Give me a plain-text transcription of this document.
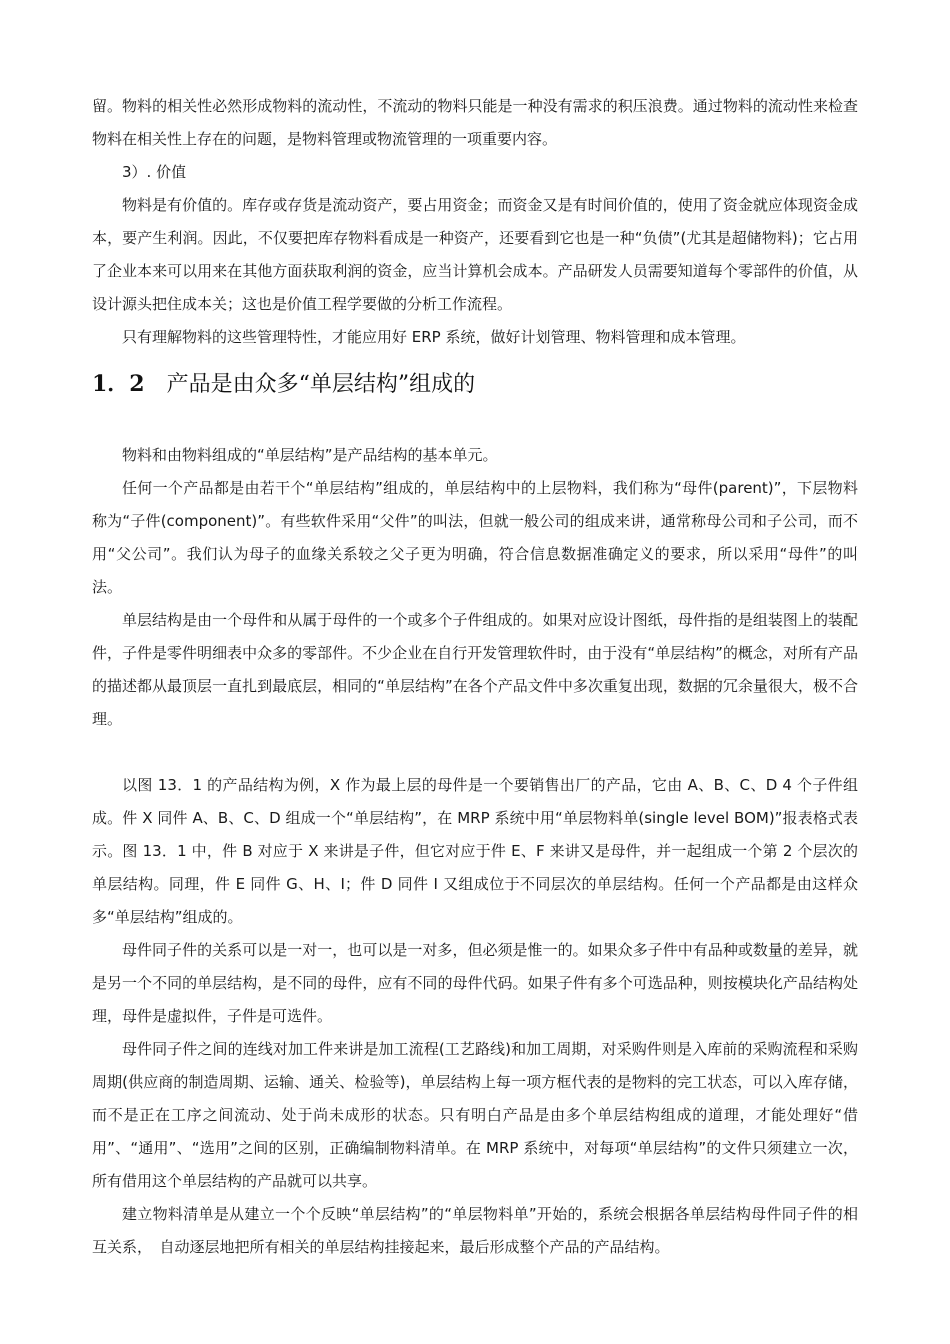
留。物料的相关性必然形成物料的流动性，不流动的物料只能是一种没有需求的积压浪费。通过物料的流动性来检查物料在相关性上存在的问题，是物料管理或物流管理的一项重要内容。

3）. 价值

物料是有价值的。库存或存货是流动资产，要占用资金；而资金又是有时间价值的，使用了资金就应体现资金成本，要产生利润。因此，不仅要把库存物料看成是一种资产，还要看到它也是一种“负债”(尤其是超储物料)；它占用了企业本来可以用来在其他方面获取利润的资金，应当计算机会成本。产品研发人员需要知道每个零部件的价值，从设计源头把住成本关；这也是价值工程学要做的分析工作流程。

只有理解物料的这些管理特性，才能应用好 ERP 系统，做好计划管理、物料管理和成本管理。

1．2 产品是由众多“单层结构”组成的

物料和由物料组成的“单层结构”是产品结构的基本单元。

任何一个产品都是由若干个“单层结构”组成的，单层结构中的上层物料，我们称为“母件(parent)”，下层物料称为“子件(component)”。有些软件采用“父件”的叫法，但就一般公司的组成来讲，通常称母公司和子公司，而不用“父公司”。我们认为母子的血缘关系较之父子更为明确，符合信息数据准确定义的要求，所以采用“母件”的叫法。

单层结构是由一个母件和从属于母件的一个或多个子件组成的。如果对应设计图纸，母件指的是组装图上的装配件，子件是零件明细表中众多的零部件。不少企业在自行开发管理软件时，由于没有“单层结构”的概念，对所有产品的描述都从最顶层一直扎到最底层，相同的“单层结构”在各个产品文件中多次重复出现，数据的冗余量很大，极不合理。

以图 13．1 的产品结构为例，X 作为最上层的母件是一个要销售出厂的产品，它由 A、B、C、D 4 个子件组成。件 X 同件 A、B、C、D 组成一个“单层结构”，在 MRP 系统中用“单层物料单(single level BOM)”报表格式表示。图 13．1 中，件 B 对应于 X 来讲是子件，但它对应于件 E、F 来讲又是母件，并一起组成一个第 2 个层次的单层结构。同理，件 E 同件 G、H、I；件 D 同件 I 又组成位于不同层次的单层结构。任何一个产品都是由这样众多“单层结构”组成的。

母件同子件的关系可以是一对一，也可以是一对多，但必须是惟一的。如果众多子件中有品种或数量的差异，就是另一个不同的单层结构，是不同的母件，应有不同的母件代码。如果子件有多个可选品种，则按模块化产品结构处理，母件是虚拟件，子件是可选件。

母件同子件之间的连线对加工件来讲是加工流程(工艺路线)和加工周期，对采购件则是入库前的采购流程和采购周期(供应商的制造周期、运输、通关、检验等)，单层结构上每一项方框代表的是物料的完工状态，可以入库存储，而不是正在工序之间流动、处于尚未成形的状态。只有明白产品是由多个单层结构组成的道理，才能处理好“借用”、“通用”、“选用”之间的区别，正确编制物料清单。在 MRP 系统中，对每项“单层结构”的文件只须建立一次，所有借用这个单层结构的产品就可以共享。

建立物料清单是从建立一个个反映“单层结构”的“单层物料单”开始的，系统会根据各单层结构母件同子件的相互关系，　自动逐层地把所有相关的单层结构挂接起来，最后形成整个产品的产品结构。
